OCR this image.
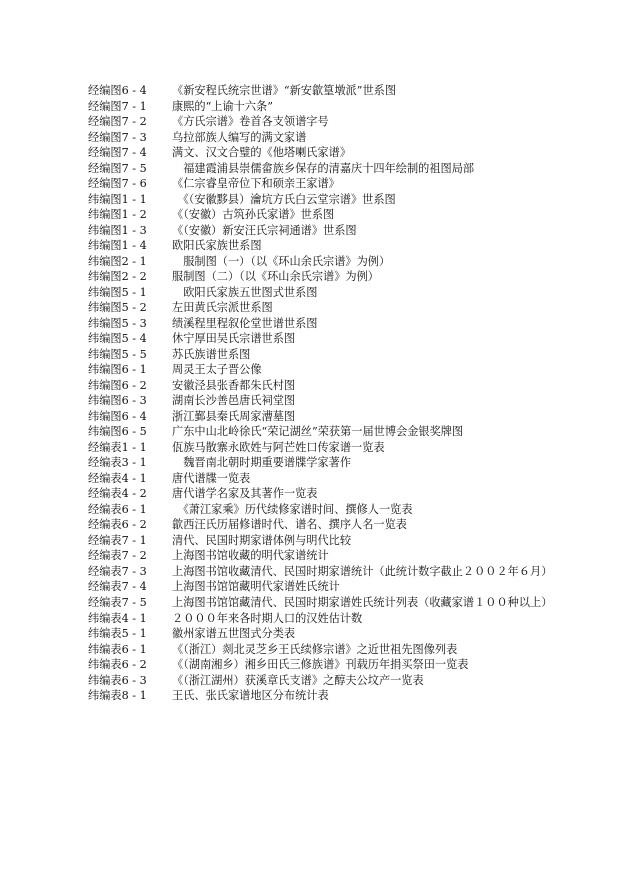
经编图6 - 4	《新安程氏统宗世谱》“新安歙篁墩派”世系图
经编图7 - 1	康熙的“上谕十六条”
经编图7 - 2	《方氏宗谱》卷首各支领谱字号
经编图7 - 3	乌拉部族人编写的满文家谱
经编图7 - 4	满文、汉文合璧的《他塔喇氏家谱》
经编图7 - 5	　福建霞浦县崇儒畲族乡保存的清嘉庆十四年绘制的祖图局部
经编图7 - 6	《仁宗睿皇帝位下和硕亲王家谱》
纬编图1 - 1	　《（安徽黟县）瀹坑方氏白云堂宗谱》世系图
纬编图1 - 2	《（安徽）古筑孙氏家谱》世系图
纬编图1 - 3	《（安徽）新安汪氏宗祠通谱》世系图
纬编图1 - 4	欧阳氏家族世系图
纬编图2 - 1	　服制图（一）（以《环山余氏宗谱》为例）
纬编图2 - 2	服制图（二）（以《环山余氏宗谱》为例）
纬编图5 - 1	　欧阳氏家族五世图式世系图
纬编图5 - 2	左田黄氏宗派世系图
纬编图5 - 3	绩溪程里程叙伦堂世谱世系图
纬编图5 - 4	休宁厚田吴氏宗谱世系图
纬编图5 - 5	苏氏族谱世系图
纬编图6 - 1	周灵王太子晋公像
纬编图6 - 2	安徽泾县张香都朱氏村图
纬编图6 - 3	湖南长沙善邑唐氏祠堂图
纬编图6 - 4	浙江鄞县秦氏周家漕墓图
纬编图6 - 5	广东中山北岭徐氏“荣记湖丝”荣获第一届世博会金银奖牌图
经编表1 - 1	佤族马散寨永欧姓与阿芒姓口传家谱一览表
经编表3 - 1	　魏晋南北朝时期重要谱牒学家著作
经编表4 - 1	唐代谱牒一览表
经编表4 - 2	唐代谱学名家及其著作一览表
经编表6 - 1	　《萧江家乘》历代续修家谱时间、撰修人一览表
经编表6 - 2	歙西汪氏历届修谱时代、谱名、撰序人名一览表
经编表7 - 1	清代、民国时期家谱体例与明代比较
经编表7 - 2	上海图书馆收藏的明代家谱统计
经编表7 - 3	上海图书馆收藏清代、民国时期家谱统计（此统计数字截止２００２年６月）
经编表7 - 4	上海图书馆馆藏明代家谱姓氏统计
经编表7 - 5	上海图书馆馆藏清代、民国时期家谱姓氏统计列表（收藏家谱１００种以上）
纬编表4 - 1	２０００年来各时期人口的汉姓估计数
纬编表5 - 1	徽州家谱五世图式分类表
纬编表6 - 1	《（浙江）剡北灵芝乡王氏续修宗谱》之近世祖先图像列表
纬编表6 - 2	《（湖南湘乡）湘乡田氏三修族谱》刊载历年捐买祭田一览表
纬编表6 - 3	《（浙江湖州）获溪章氏支谱》之醇夫公坟产一览表
纬编表8 - 1	王氏、张氏家谱地区分布统计表
